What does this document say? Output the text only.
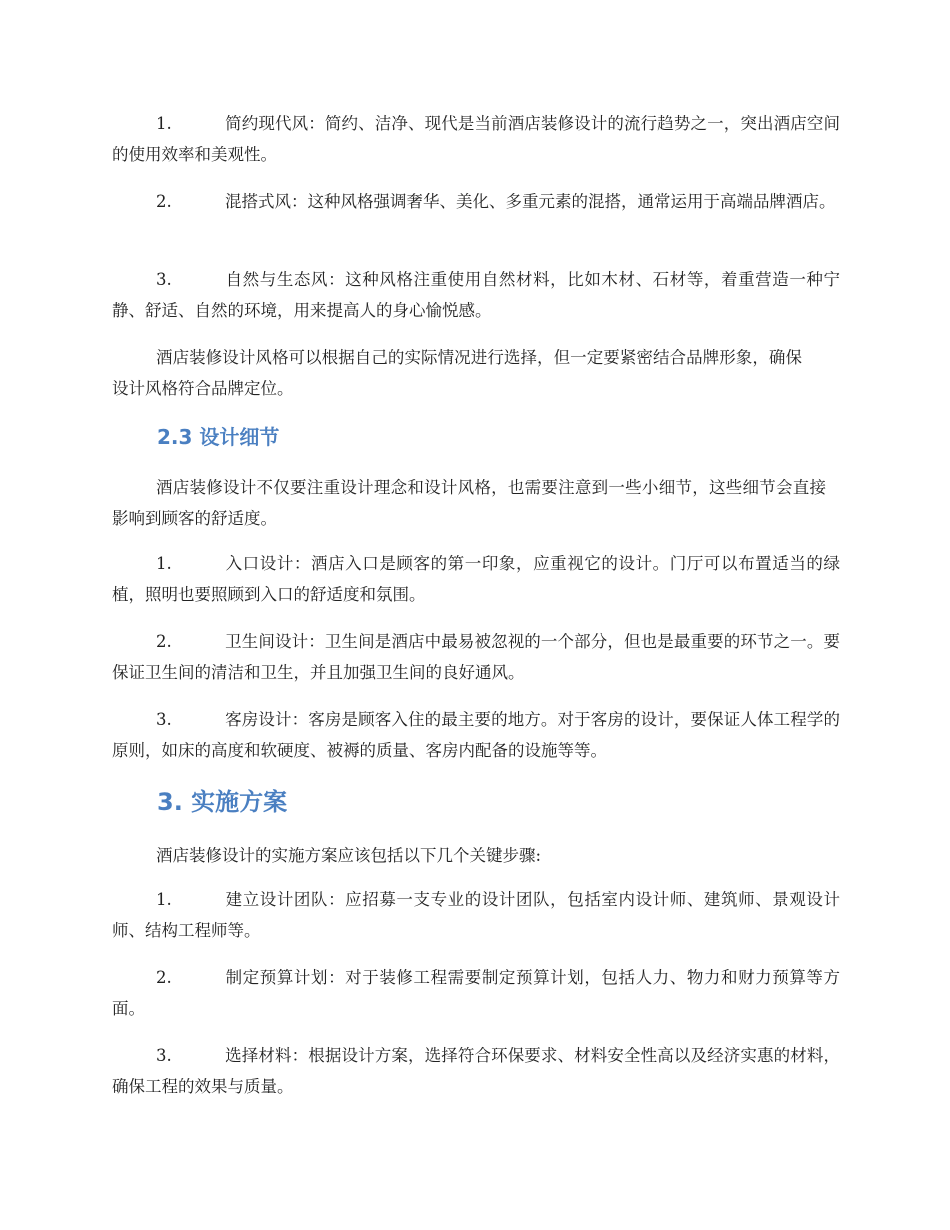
1.	简约现代风：简约、洁净、现代是当前酒店装修设计的流行趋势之一，突出酒店空间的使用效率和美观性。
2.	混搭式风：这种风格强调奢华、美化、多重元素的混搭，通常运用于高端品牌酒店。
3.	自然与生态风：这种风格注重使用自然材料，比如木材、石材等，着重营造一种宁静、舒适、自然的环境，用来提高人的身心愉悦感。
酒店装修设计风格可以根据自己的实际情况进行选择，但一定要紧密结合品牌形象，确保设计风格符合品牌定位。
2.3 设计细节
酒店装修设计不仅要注重设计理念和设计风格，也需要注意到一些小细节，这些细节会直接影响到顾客的舒适度。
1.	入口设计：酒店入口是顾客的第一印象，应重视它的设计。门厅可以布置适当的绿植，照明也要照顾到入口的舒适度和氛围。
2.	卫生间设计：卫生间是酒店中最易被忽视的一个部分，但也是最重要的环节之一。要保证卫生间的清洁和卫生，并且加强卫生间的良好通风。
3.	客房设计：客房是顾客入住的最主要的地方。对于客房的设计，要保证人体工程学的原则，如床的高度和软硬度、被褥的质量、客房内配备的设施等等。
3. 实施方案
酒店装修设计的实施方案应该包括以下几个关键步骤:
1.	建立设计团队：应招募一支专业的设计团队，包括室内设计师、建筑师、景观设计师、结构工程师等。
2.	制定预算计划：对于装修工程需要制定预算计划，包括人力、物力和财力预算等方面。
3.	选择材料：根据设计方案，选择符合环保要求、材料安全性高以及经济实惠的材料，确保工程的效果与质量。
